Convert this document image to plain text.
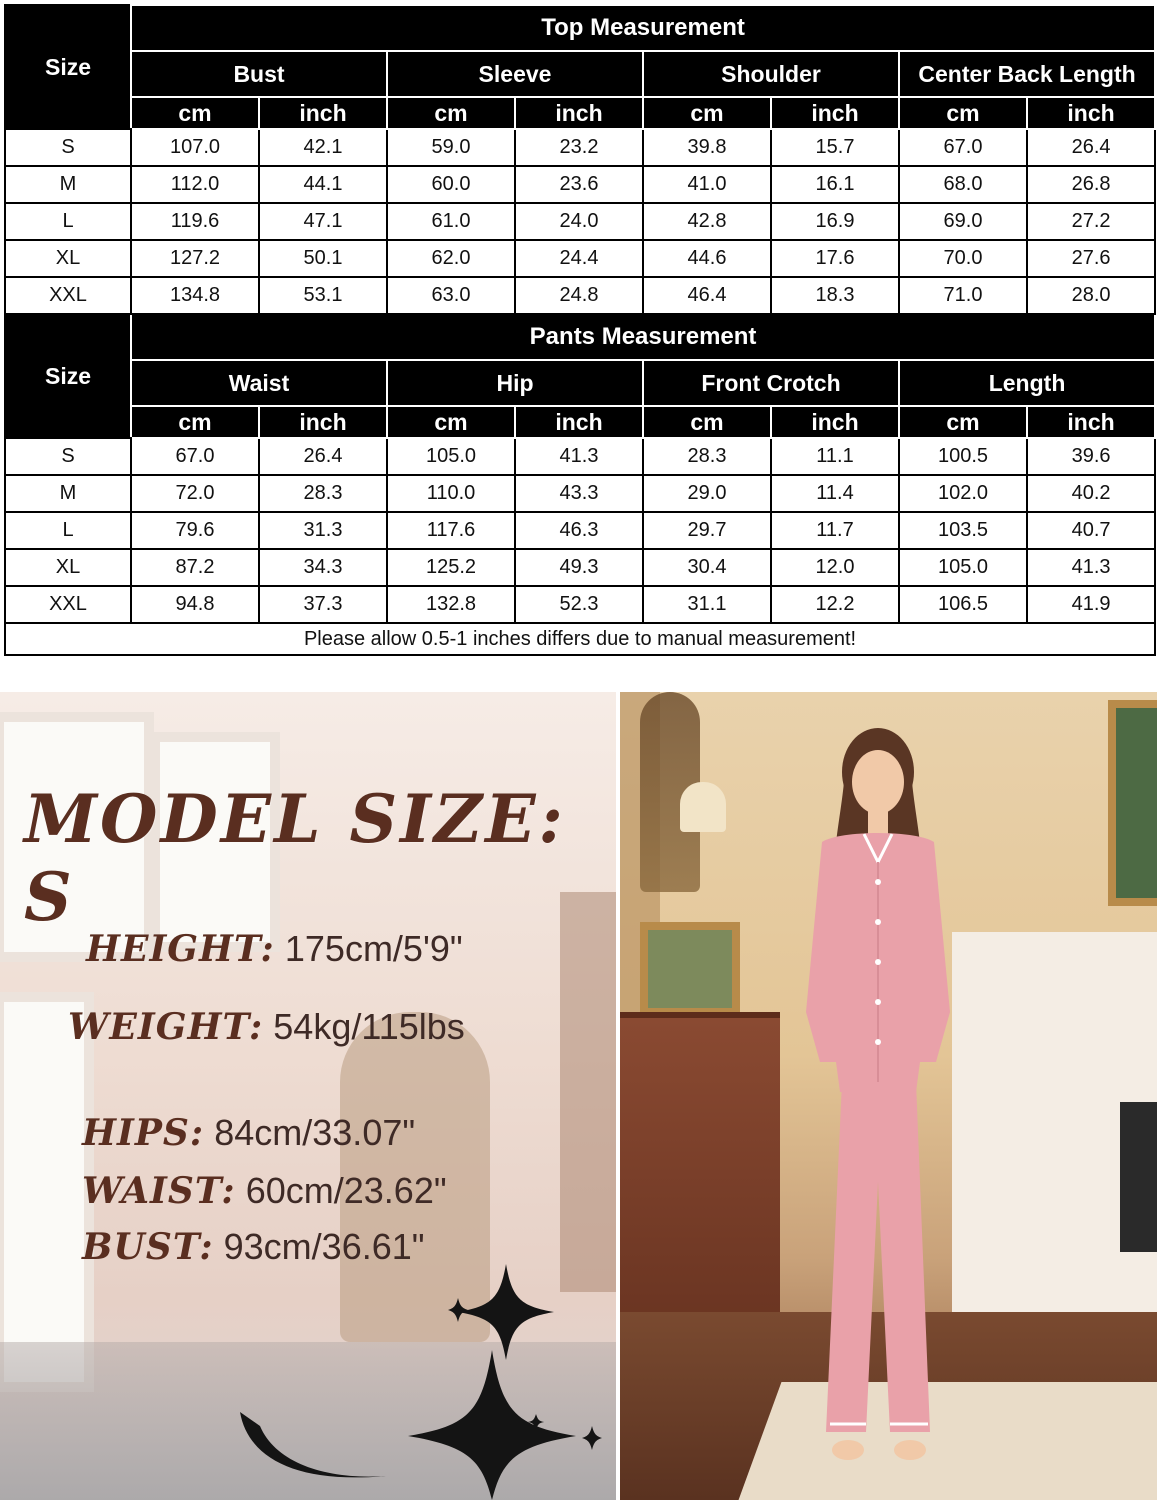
Size	Top Measurement							
	Bust		Sleeve		Shoulder		Center Back Length	
	cm	inch	cm	inch	cm	inch	cm	inch
S	107.0	42.1	59.0	23.2	39.8	15.7	67.0	26.4
M	112.0	44.1	60.0	23.6	41.0	16.1	68.0	26.8
L	119.6	47.1	61.0	24.0	42.8	16.9	69.0	27.2
XL	127.2	50.1	62.0	24.4	44.6	17.6	70.0	27.6
XXL	134.8	53.1	63.0	24.8	46.4	18.3	71.0	28.0
Size	Pants Measurement							
	Waist		Hip		Front Crotch		Length	
	cm	inch	cm	inch	cm	inch	cm	inch
S	67.0	26.4	105.0	41.3	28.3	11.1	100.5	39.6
M	72.0	28.3	110.0	43.3	29.0	11.4	102.0	40.2
L	79.6	31.3	117.6	46.3	29.7	11.7	103.5	40.7
XL	87.2	34.3	125.2	49.3	30.4	12.0	105.0	41.3
XXL	94.8	37.3	132.8	52.3	31.1	12.2	106.5	41.9
Please allow 0.5-1 inches differs due to manual measurement!								
MODEL SIZE: S
HEIGHT: 175cm/5'9"
WEIGHT: 54kg/115lbs
HIPS: 84cm/33.07"
WAIST: 60cm/23.62"
BUST: 93cm/36.61"
